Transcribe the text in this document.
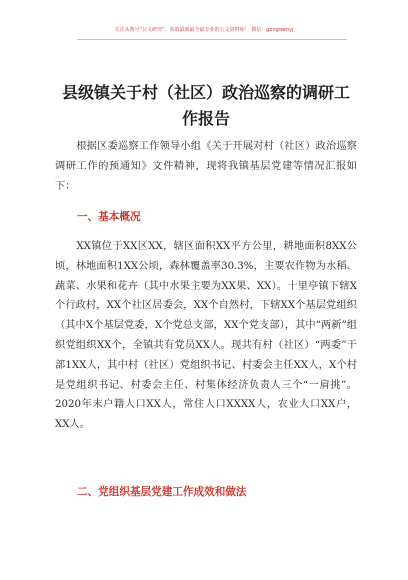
关注头条号“公文研究”，获取最新最全最专业的公文资料库！ 微信：gongwenyj
县级镇关于村（社区）政治巡察的调研工作报告

根据区委巡察工作领导小组《关于开展对村（社区）政治巡察调研工作的预通知》文件精神，现将我镇基层党建等情况汇报如下：

一、基本概况

XX镇位于XX区XX，辖区面积XX平方公里，耕地面积8XX公顷，林地面积1XX公顷，森林覆盖率30.3%，主要农作物为水稻、蔬菜、水果和花卉（其中水果主要为XX果、XX）。十里亭镇下辖X个行政村，XX个社区居委会，XX个自然村，下辖XX个基层党组织（其中X个基层党委，X个党总支部，XX个党支部），其中“两新”组织党组织XX个，全镇共有党员XX人。现共有村（社区）“两委”干部1XX人，其中村（社区）党组织书记、村委会主任XX人，X个村是党组织书记、村委会主任、村集体经济负责人三个“一肩挑”。2020年末户籍人口XX人，常住人口XXXX人，农业人口XX户，XX人。

二、党组织基层党建工作成效和做法
